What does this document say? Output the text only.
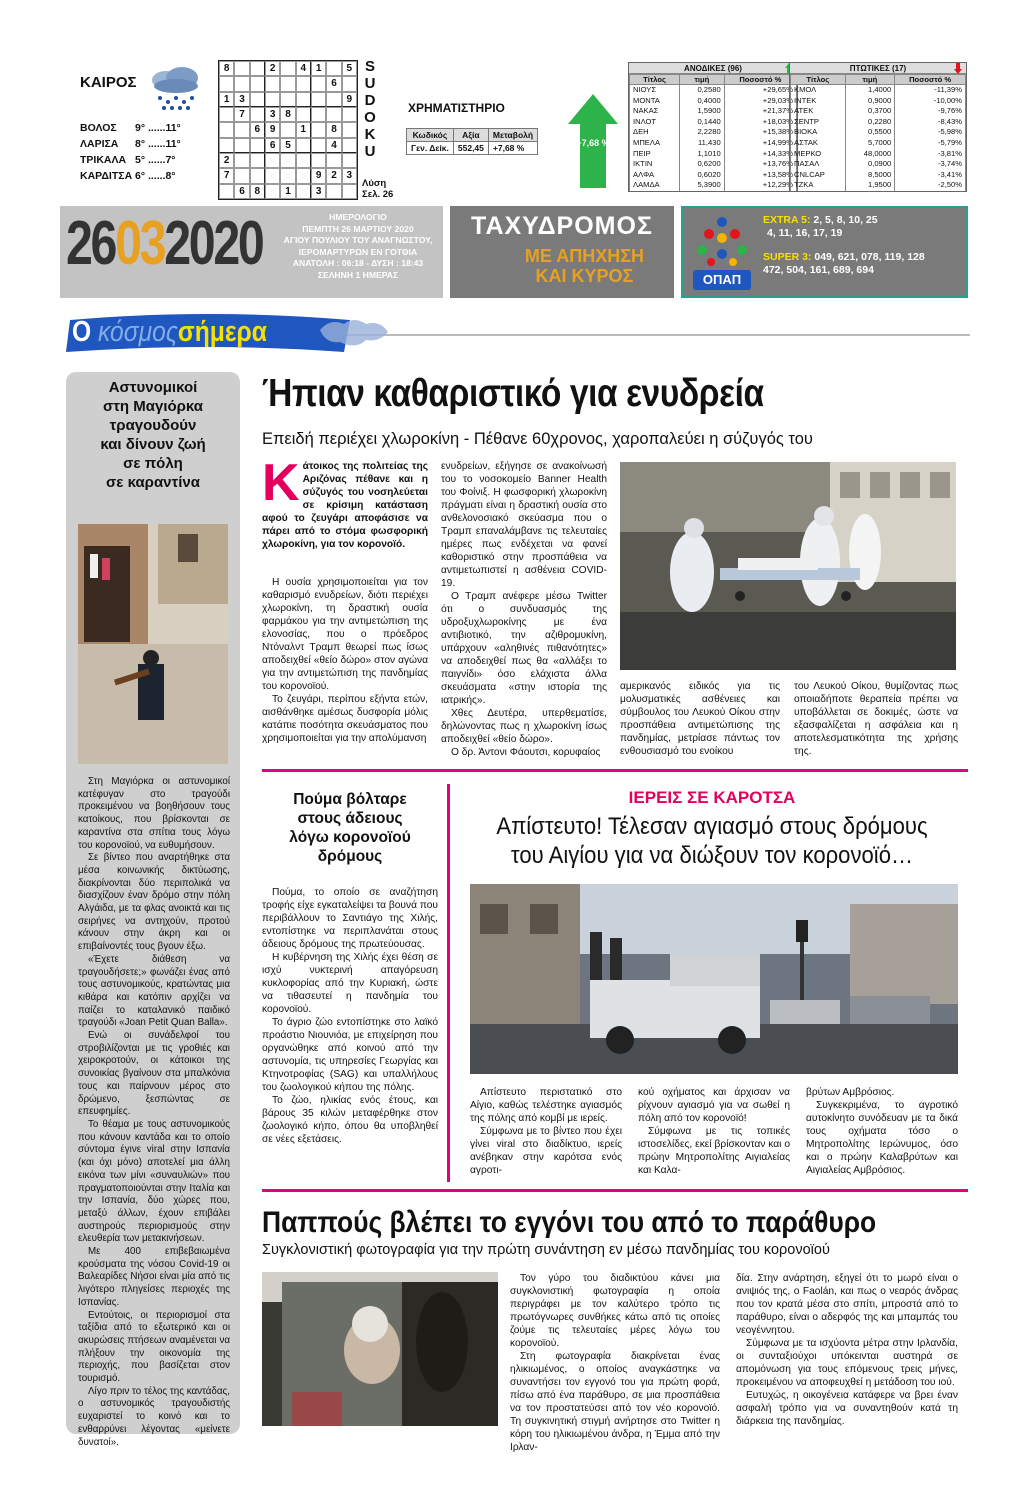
ΚΑΙΡΟΣ
ΒΟΛΟΣ 9° ......11°
ΛΑΡΙΣΑ 8° ......11°
ΤΡΙΚΑΛΑ 5° ......7°
ΚΑΡΔΙΤΣΑ 6° ......8°
8	2	4 1	5
6
1 3	9
7	3 8
6 9	1	8
6 5	4
2
7	9 2 3
6 8	1	3
S
U
D
O
K
U
Λύση
Σελ. 26
ΧΡΗΜΑΤΙΣΤΗΡΙΟ
Κωδικός	Αξία	Μεταβολή
Γεν. Δείκ.	552,45	+7,68 %	+7,68 %
ΑΝΟΔΙΚΕΣ (96)
Τίτλος	τιμή	Ποσοστό %
ΝΙΟΥΣ	0,2580	+29,65%
ΜΟΝΤΑ	0,4000	+29,03%
ΝΑΚΑΣ	1,5900	+21,37%
ΙΝΛΟΤ	0,1440	+18,03%
ΔΕΗ	2,2280	+15,38%
ΜΠΕΛΑ	11,430	+14,99%
ΠΕΙΡ	1,1010	+14,33%
ΙΚΤΙΝ	0,6200	+13,76%
ΑΛΦΑ	0,6020	+13,58%
ΛΑΜΔΑ	5,3900	+12,29%
ΠΤΩΤΙΚΕΣ (17)
Τίτλος	τιμή	Ποσοστό %
ΚΜΟΛ	1,4000	-11,39%
ΙΝΤΕΚ	0,9000	-10,00%
ΑΤΕΚ	0,3700	-9,76%
ΣΕΝΤΡ	0,2280	-8,43%
ΒΙΟΚΑ	0,5500	-5,98%
ΑΣΤΑΚ	5,7000	-5,79%
ΜΕΡΚΟ	48,0000	-3,81%
ΠΑΣΑΛ	0,0900	-3,74%
CNLCAP	8,5000	-3,41%
ΤΖΚΑ	1,9500	-2,50%
26032020	ΗΜΕΡΟΛΟΓΙΟ
ΠΕΜΠΤΗ 26 ΜΑΡΤΙΟΥ 2020
ΑΓΙΟΥ ΠΟΥΛΙΟΥ ΤΟΥ ΑΝΑΓΝΩΣΤΟΥ,
ΙΕΡΟΜΑΡΤΥΡΩΝ ΕΝ ΓΟΤΘΙΑ
ΑΝΑΤΟΛΗ : 06:18 - ΔΥΣΗ : 18:43
ΣΕΛΗΝΗ 1 ΗΜΕΡΑΣ
ΤΑΧΥΔΡΟΜΟΣ
ΜΕ ΑΠΗΧΗΣΗ
ΚΑΙ ΚΥΡΟΣ	ΟΠΑΠ
EXTRA 5: 2, 5, 8, 10, 25
4, 11, 16, 17, 19
SUPER 3: 049, 621, 078, 119, 128
472, 504, 161, 689, 694
Ο κόσμοςσήμερα
Αστυνομικοί
στη Μαγιόρκα
τραγουδούν
και δίνουν ζωή
σε πόλη
σε καραντίνα

Στη Μαγιόρκα οι αστυνομικοί κατέφυγαν στο τραγούδι προκειμένου να βοηθήσουν τους κατοίκους, που βρίσκονται σε καραντίνα στα σπίτια τους λόγω του κορονοϊού, να ευθυμήσουν.

Σε βίντεο που αναρτήθηκε στα μέσα κοινωνικής δικτύωσης, διακρίνονται δύο περιπολικά να διασχίζουν έναν δρόμο στην πόλη Αλγάιδα, με τα φλας ανοικτά και τις σειρήνες να αντηχούν, προτού κάνουν στην άκρη και οι επιβαίνοντές τους βγουν έξω.

«Έχετε διάθεση να τραγουδήσετε;» φωνάζει ένας από τους αστυνομικούς, κρατώντας μια κιθάρα και κατόπιν αρχίζει να παίζει το καταλανικό παιδικό τραγούδι «Joan Petit Quan Balla».

Ενώ οι συνάδελφοί του στροβιλίζονται με τις γροθιές και χειροκροτούν, οι κάτοικοι της συνοικίας βγαίνουν στα μπαλκόνια τους και παίρνουν μέρος στο δρώμενο, ξεσπώντας σε επευφημίες.

Το θέαμα με τους αστυνομικούς που κάνουν καντάδα και το οποίο σύντομα έγινε viral στην Ισπανία (και όχι μόνο) αποτελεί μια άλλη εικόνα των μίνι «συναυλιών» που πραγματοποιούνται στην Ιταλία και την Ισπανία, δύο χώρες που, μεταξύ άλλων, έχουν επιβάλει αυστηρούς περιορισμούς στην ελευθερία των μετακινήσεων.

Με 400 επιβεβαιωμένα κρούσματα της νόσου Covid-19 οι Βαλεαρίδες Νήσοι είναι μία από τις λιγότερο πληγείσες περιοχές της Ισπανίας.

Εντούτοις, οι περιορισμοί στα ταξίδια από το εξωτερικό και οι ακυρώσεις πτήσεων αναμένεται να πλήξουν την οικονομία της περιοχής, που βασίζεται στον τουρισμό.

Λίγο πριν το τέλος της καντάδας, ο αστυνομικός τραγουδιστής ευχαριστεί το κοινό και το ενθαρρύνει λέγοντας «μείνετε δυνατοί».

Ήπιαν καθαριστικό για ενυδρεία
Επειδή περιέχει χλωροκίνη - Πέθανε 60χρονος, χαροπαλεύει η σύζυγός του
Κ άτοικος της πολιτείας της Αριζόνας πέθανε και η σύζυγός του νοσηλεύεται σε κρίσιμη κατάσταση αφού το ζευγάρι αποφάσισε να πάρει από το στόμα φωσφορική χλωροκίνη, για τον κορονοϊό.

Η ουσία χρησιμοποιείται για τον καθαρισμό ενυδρείων, διότι περιέχει χλωροκίνη, τη δραστική ουσία φαρμάκου για την αντιμετώπιση της ελονοσίας, που ο πρόεδρος Ντόναλντ Τραμπ θεωρεί πως ίσως αποδειχθεί «θείο δώρο» στον αγώνα για την αντιμετώπιση της πανδημίας του κορονοϊού.

Το ζευγάρι, περίπου εξήντα ετών, αισθάνθηκε αμέσως δυσφορία μόλις κατάπιε ποσότητα σκευάσματος που χρησιμοποιείται για την απολύμανση

ενυδρείων, εξήγησε σε ανακοίνωσή του το νοσοκομείο Banner Health του Φοίνιξ. Η φωσφορική χλωροκίνη πράγματι είναι η δραστική ουσία στο ανθελονοσιακό σκεύασμα που ο Τραμπ επαναλάμβανε τις τελευταίες ημέρες πως ενδέχεται να φανεί καθοριστικό στην προσπάθεια να αντιμετωπιστεί η ασθένεια COVID-19.

Ο Τραμπ ανέφερε μέσω Twitter ότι ο συνδυασμός της υδροξυχλωροκίνης με ένα αντιβιοτικό, την αζιθρομυκίνη, υπάρχουν «αληθινές πιθανότητες» να αποδειχθεί πως θα «αλλάξει το παιγνίδι» όσο ελάχιστα άλλα σκευάσματα «στην ιστορία της ιατρικής».

Χθες Δευτέρα, υπερθεματίσε, δηλώνοντας πως η χλωροκίνη ίσως αποδειχθεί «θείο δώρο».

Ο δρ. Άντονι Φάουτσι, κορυφαίος

αμερικανός ειδικός για τις μολυσματικές ασθένειες και σύμβουλος του Λευκού Οίκου στην προσπάθεια αντιμετώπισης της πανδημίας, μετρίασε πάντως τον ενθουσιασμό του ενοίκου

του Λευκού Οίκου, θυμίζοντας πως οποιαδήποτε θεραπεία πρέπει να υποβάλλεται σε δοκιμές, ώστε να εξασφαλίζεται η ασφάλεια και η αποτελεσματικότητα της χρήσης της.

Πούμα βόλταρε
στους άδειους
λόγω κορονοϊού
δρόμους

Πούμα, το οποίο σε αναζήτηση τροφής είχε εγκαταλείψει τα βουνά που περιβάλλουν το Σαντιάγο της Χιλής, εντοπίστηκε να περιπλανάται στους άδειους δρόμους της πρωτεύουσας.

Η κυβέρνηση της Χιλής έχει θέση σε ισχύ νυκτερινή απαγόρευση κυκλοφορίας από την Κυριακή, ώστε να τιθασευτεί η πανδημία του κορονοϊού.

Το άγριο ζώο εντοπίστηκε στο λαϊκό προάστιο Νιουνιόα, με επιχείρηση που οργανώθηκε από κοινού από την αστυνομία, τις υπηρεσίες Γεωργίας και Κτηνοτροφίας (SAG) και υπαλλήλους του ζωολογικού κήπου της πόλης.

Το ζώο, ηλικίας ενός έτους, και βάρους 35 κιλών μεταφέρθηκε στον ζωολογικό κήπο, όπου θα υποβληθεί σε νέες εξετάσεις.

ΙΕΡΕΙΣ ΣΕ ΚΑΡΟΤΣΑ
Απίστευτο! Τέλεσαν αγιασμό στους δρόμους
του Αιγίου για να διώξουν τον κορονοϊό…

Απίστευτο περιστατικό στο Αίγιο, καθώς τελέστηκε αγιασμός της πόλης από κομβί με ιερείς.

Σύμφωνα με το βίντεο που έχει γίνει viral στο διαδίκτυο, ιερείς ανέβηκαν στην καρότσα ενός αγροτι-

κού οχήματος και άρχισαν να ρίχνουν αγιασμό για να σωθεί η πόλη από τον κορονοϊό!

Σύμφωνα με τις τοπικές ιστοσελίδες, εκεί βρίσκονταν και ο πρώην Μητροπολίτης Αιγιαλείας και Καλα-

βρύτων Αμβρόσιος.

Συγκεκριμένα, το αγροτικό αυτοκίνητο συνόδευαν με τα δικά τους οχήματα τόσο ο Μητροπολίτης Ιερώνυμος, όσο και ο πρώην Καλαβρύτων και Αιγιαλείας Αμβρόσιος.

Παππούς βλέπει το εγγόνι του από το παράθυρο
Συγκλονιστική φωτογραφία για την πρώτη συνάντηση εν μέσω πανδημίας του κορονοϊού

Τον γύρο του διαδικτύου κάνει μια συγκλονιστική φωτογραφία η οποία περιγράφει με τον καλύτερο τρόπο τις πρωτόγνωρες συνθήκες κάτω από τις οποίες ζούμε τις τελευταίες μέρες λόγω του κορονοϊού.

Στη φωτογραφία διακρίνεται ένας ηλικιωμένος, ο οποίος αναγκάστηκε να συναντήσει τον εγγονό του για πρώτη φορά, πίσω από ένα παράθυρο, σε μια προσπάθεια να τον προστατεύσει από τον νέο κορονοϊό. Τη συγκινητική στιγμή ανήρτησε στο Twitter η κόρη του ηλικιωμένου άνδρα, η Έμμα από την Ιρλαν-

δία. Στην ανάρτηση, εξηγεί ότι το μωρό είναι ο ανιψιός της, ο Faolán, και πως ο νεαρός άνδρας που τον κρατά μέσα στο σπίτι, μπροστά από το παράθυρο, είναι ο αδερφός της και μπαμπάς του νεογέννητου.

Σύμφωνα με τα ισχύοντα μέτρα στην Ιρλανδία, οι συνταξιούχοι υπόκεινται αυστηρά σε απομόνωση για τους επόμενους τρεις μήνες, προκειμένου να αποφευχθεί η μετάδοση του ιού.

Ευτυχώς, η οικογένεια κατάφερε να βρει έναν ασφαλή τρόπο για να συναντηθούν κατά τη διάρκεια της πανδημίας.
